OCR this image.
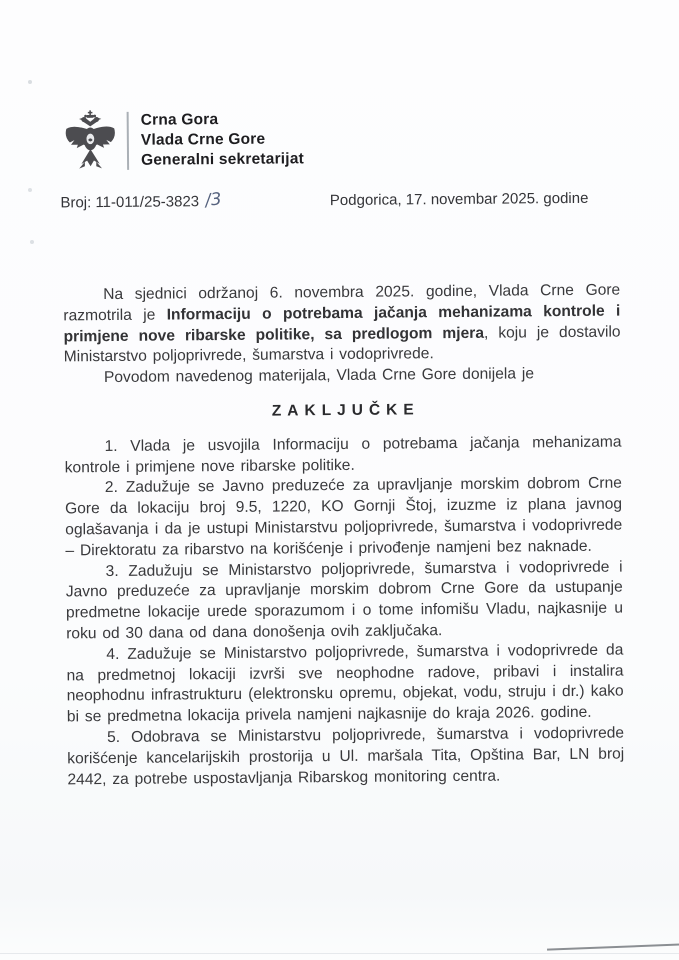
Crna Gora
Vlada Crne Gore
Generalni sekretarijat
Broj: 11-011/25-3823 /3	Podgorica, 17. novembar 2025. godine

Na sjednici održanoj 6. novembra 2025. godine, Vlada Crne Gore razmotrila je Informaciju o potrebama jačanja mehanizama kontrole i primjene nove ribarske politike, sa predlogom mjera, koju je dostavilo Ministarstvo poljoprivrede, šumarstva i vodoprivrede.

Povodom navedenog materijala, Vlada Crne Gore donijela je

ZAKLJUČKE

1. Vlada je usvojila Informaciju o potrebama jačanja mehanizama kontrole i primjene nove ribarske politike.

2. Zadužuje se Javno preduzeće za upravljanje morskim dobrom Crne Gore da lokaciju broj 9.5, 1220, KO Gornji Štoj, izuzme iz plana javnog oglašavanja i da je ustupi Ministarstvu poljoprivrede, šumarstva i vodoprivrede – Direktoratu za ribarstvo na korišćenje i privođenje namjeni bez naknade.

3. Zadužuju se Ministarstvo poljoprivrede, šumarstva i vodoprivrede i Javno preduzeće za upravljanje morskim dobrom Crne Gore da ustupanje predmetne lokacije urede sporazumom i o tome infomišu Vladu, najkasnije u roku od 30 dana od dana donošenja ovih zaključaka.

4. Zadužuje se Ministarstvo poljoprivrede, šumarstva i vodoprivrede da na predmetnoj lokaciji izvrši sve neophodne radove, pribavi i instalira neophodnu infrastrukturu (elektronsku opremu, objekat, vodu, struju i dr.) kako bi se predmetna lokacija privela namjeni najkasnije do kraja 2026. godine.

5. Odobrava se Ministarstvu poljoprivrede, šumarstva i vodoprivrede korišćenje kancelarijskih prostorija u Ul. maršala Tita, Opština Bar, LN broj 2442, za potrebe uspostavljanja Ribarskog monitoring centra.
